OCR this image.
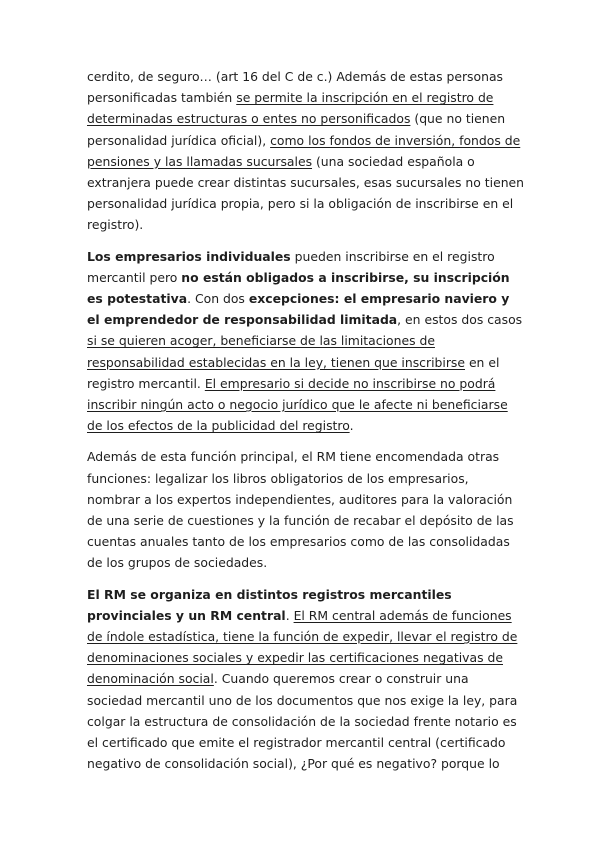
cerdito, de seguro… (art 16 del C de c.) Además de estas personas
personificadas también se permite la inscripción en el registro de
determinadas estructuras o entes no personificados (que no tienen
personalidad jurídica oficial), como los fondos de inversión, fondos de
pensiones y las llamadas sucursales (una sociedad española o
extranjera puede crear distintas sucursales, esas sucursales no tienen
personalidad jurídica propia, pero si la obligación de inscribirse en el
registro).

Los empresarios individuales pueden inscribirse en el registro
mercantil pero no están obligados a inscribirse, su inscripción
es potestativa. Con dos excepciones: el empresario naviero y
el emprendedor de responsabilidad limitada, en estos dos casos
si se quieren acoger, beneficiarse de las limitaciones de
responsabilidad establecidas en la ley, tienen que inscribirse en el
registro mercantil. El empresario si decide no inscribirse no podrá
inscribir ningún acto o negocio jurídico que le afecte ni beneficiarse
de los efectos de la publicidad del registro.

Además de esta función principal, el RM tiene encomendada otras
funciones: legalizar los libros obligatorios de los empresarios,
nombrar a los expertos independientes, auditores para la valoración
de una serie de cuestiones y la función de recabar el depósito de las
cuentas anuales tanto de los empresarios como de las consolidadas
de los grupos de sociedades.

El RM se organiza en distintos registros mercantiles
provinciales y un RM central. El RM central además de funciones
de índole estadística, tiene la función de expedir, llevar el registro de
denominaciones sociales y expedir las certificaciones negativas de
denominación social. Cuando queremos crear o construir una
sociedad mercantil uno de los documentos que nos exige la ley, para
colgar la estructura de consolidación de la sociedad frente notario es
el certificado que emite el registrador mercantil central (certificado
negativo de consolidación social), ¿Por qué es negativo? porque lo
